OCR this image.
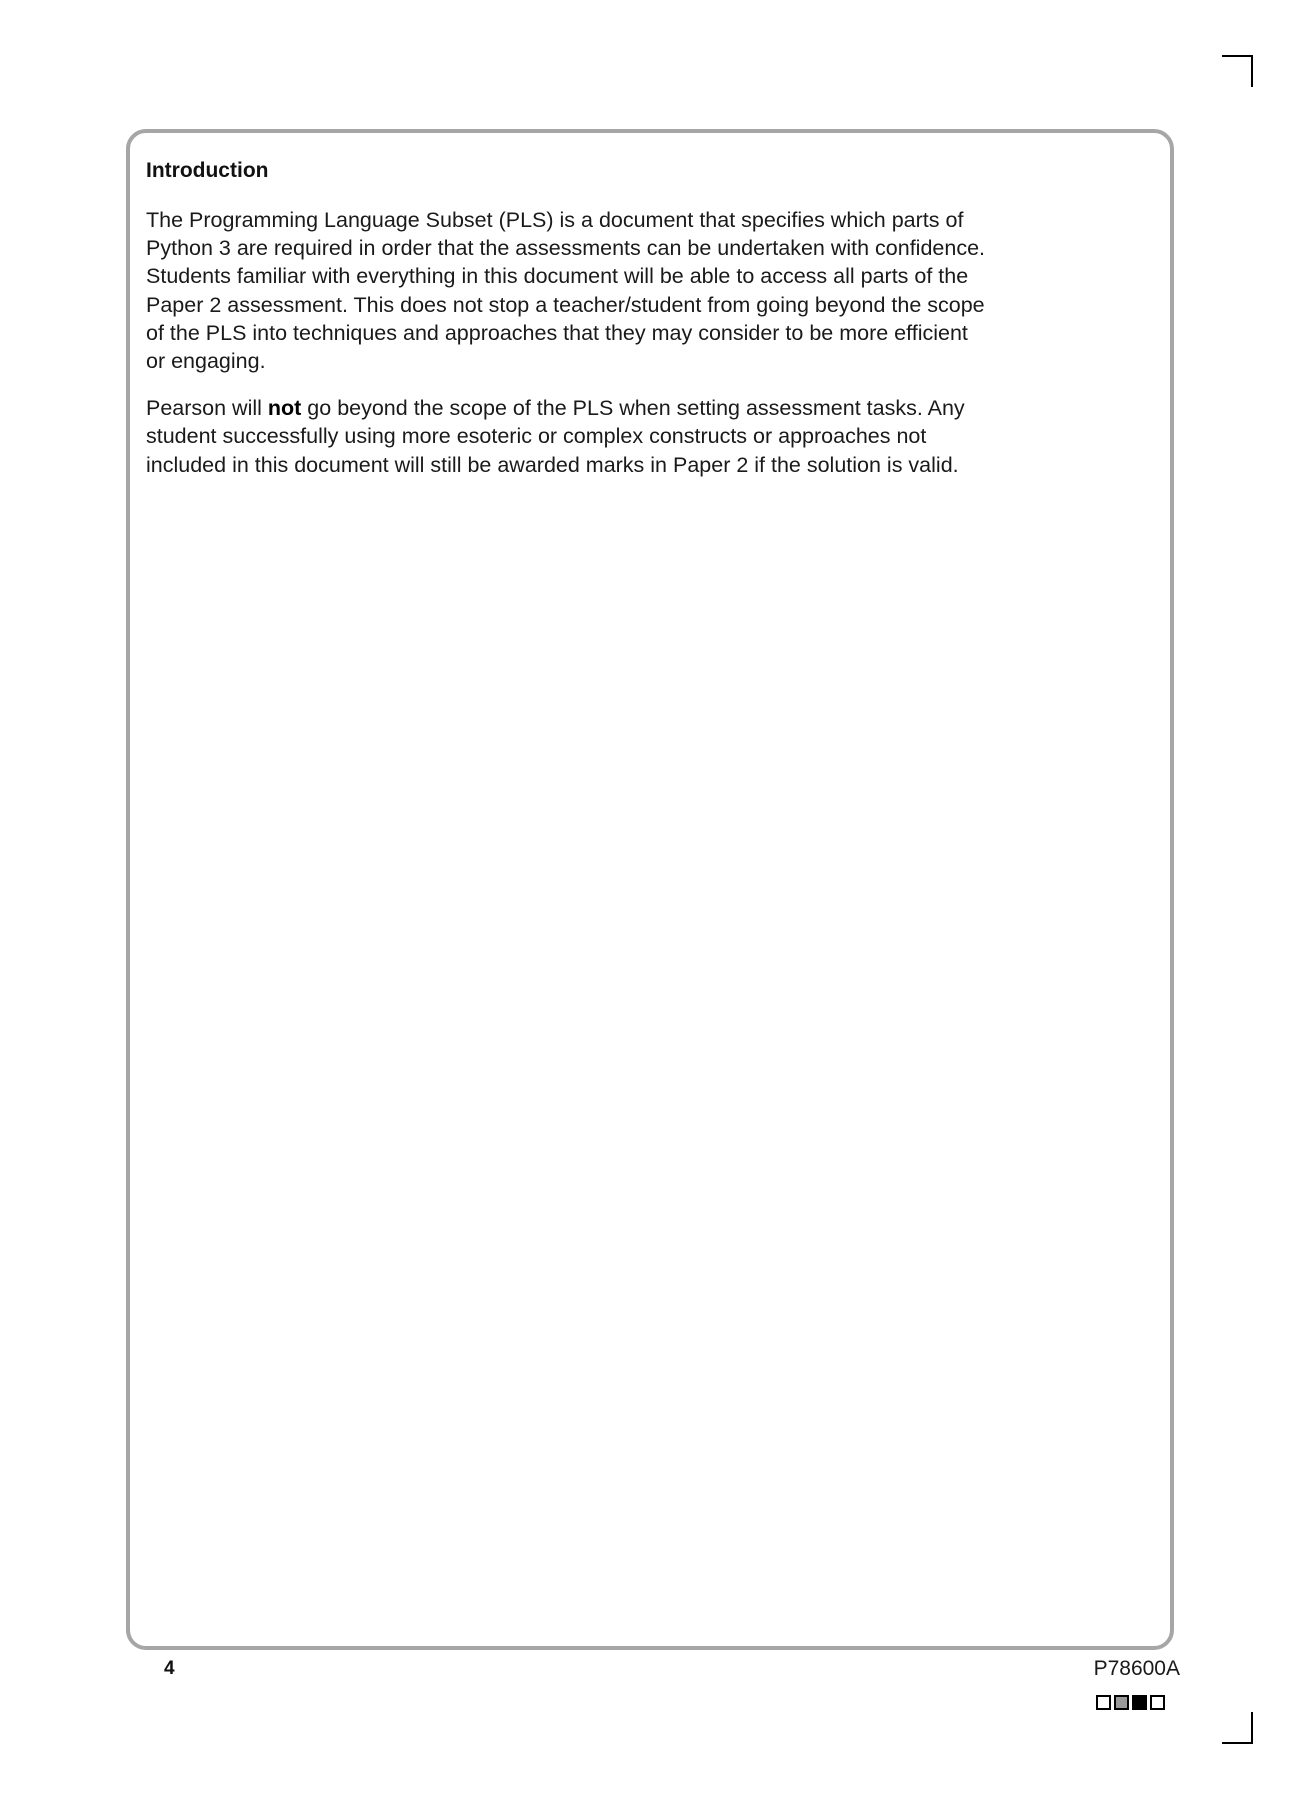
Introduction
The Programming Language Subset (PLS) is a document that specifies which parts of
Python 3 are required in order that the assessments can be undertaken with confidence.
Students familiar with everything in this document will be able to access all parts of the
Paper 2 assessment. This does not stop a teacher/student from going beyond the scope
of the PLS into techniques and approaches that they may consider to be more efficient
or engaging.
Pearson will not go beyond the scope of the PLS when setting assessment tasks. Any
student successfully using more esoteric or complex constructs or approaches not
included in this document will still be awarded marks in Paper 2 if the solution is valid.
4	P78600A
